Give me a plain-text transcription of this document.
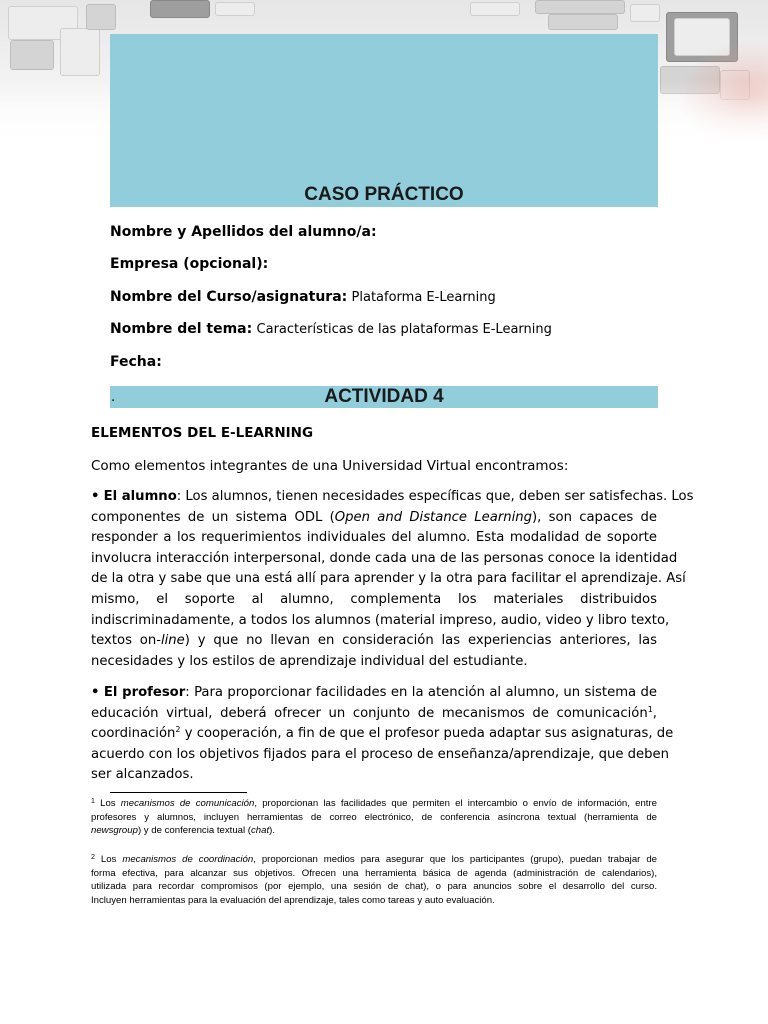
CASO PRÁCTICO
Nombre y Apellidos del alumno/a:
Empresa (opcional):
Nombre del Curso/asignatura: Plataforma E-Learning
Nombre del tema: Características de las plataformas E-Learning
Fecha:
.	ACTIVIDAD 4
ELEMENTOS DEL E-LEARNING
Como elementos integrantes de una Universidad Virtual encontramos:
• El alumno: Los alumnos, tienen necesidades específicas que, deben ser satisfechas. Los
componentes de un sistema ODL (Open and Distance Learning), son capaces de
responder a los requerimientos individuales del alumno. Esta modalidad de soporte
involucra interacción interpersonal, donde cada una de las personas conoce la identidad
de la otra y sabe que una está allí para aprender y la otra para facilitar el aprendizaje. Así
mismo, el soporte al alumno, complementa los materiales distribuidos
indiscriminadamente, a todos los alumnos (material impreso, audio, video y libro texto,
textos on-line) y que no llevan en consideración las experiencias anteriores, las
necesidades y los estilos de aprendizaje individual del estudiante.
• El profesor: Para proporcionar facilidades en la atención al alumno, un sistema de
educación virtual, deberá ofrecer un conjunto de mecanismos de comunicación$^1$,
coordinación$^2$ y cooperación, a fin de que el profesor pueda adaptar sus asignaturas, de
acuerdo con los objetivos fijados para el proceso de enseñanza/aprendizaje, que deben
ser alcanzados.
$^1$ Los mecanismos de comunicación, proporcionan las facilidades que permiten el intercambio o envío de información, entre
profesores y alumnos, incluyen herramientas de correo electrónico, de conferencia asíncrona textual (herramienta de
newsgroup) y de conferencia textual (chat).
$^2$ Los mecanismos de coordinación, proporcionan medios para asegurar que los participantes (grupo), puedan trabajar de
forma efectiva, para alcanzar sus objetivos. Ofrecen una herramienta básica de agenda (administración de calendarios),
utilizada para recordar compromisos (por ejemplo, una sesión de chat), o para anuncios sobre el desarrollo del curso.
Incluyen herramientas para la evaluación del aprendizaje, tales como tareas y auto evaluación.
